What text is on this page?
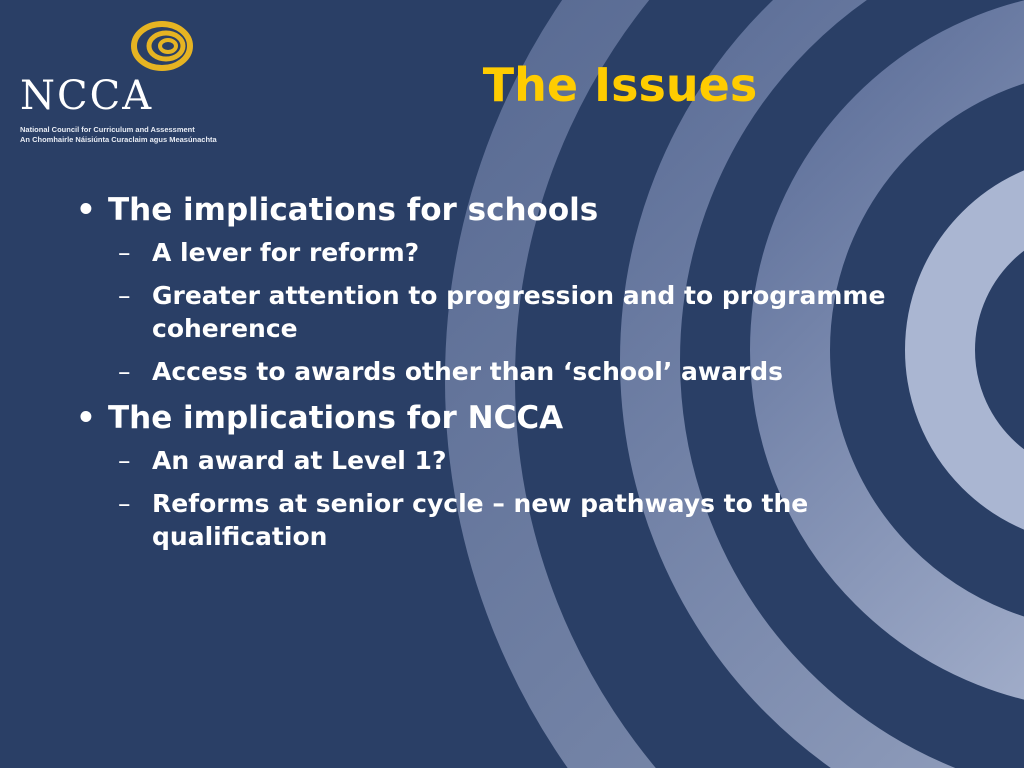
NCCA
National Council for Curriculum and Assessment
An Chomhairle Náisiúnta Curaclaim agus Measúnachta
The Issues
• The implications for schools
– A lever for reform?
– Greater attention to progression and to programme coherence
– Access to awards other than ‘school’ awards
• The implications for NCCA
– An award at Level 1?
– Reforms at senior cycle – new pathways to the qualification
